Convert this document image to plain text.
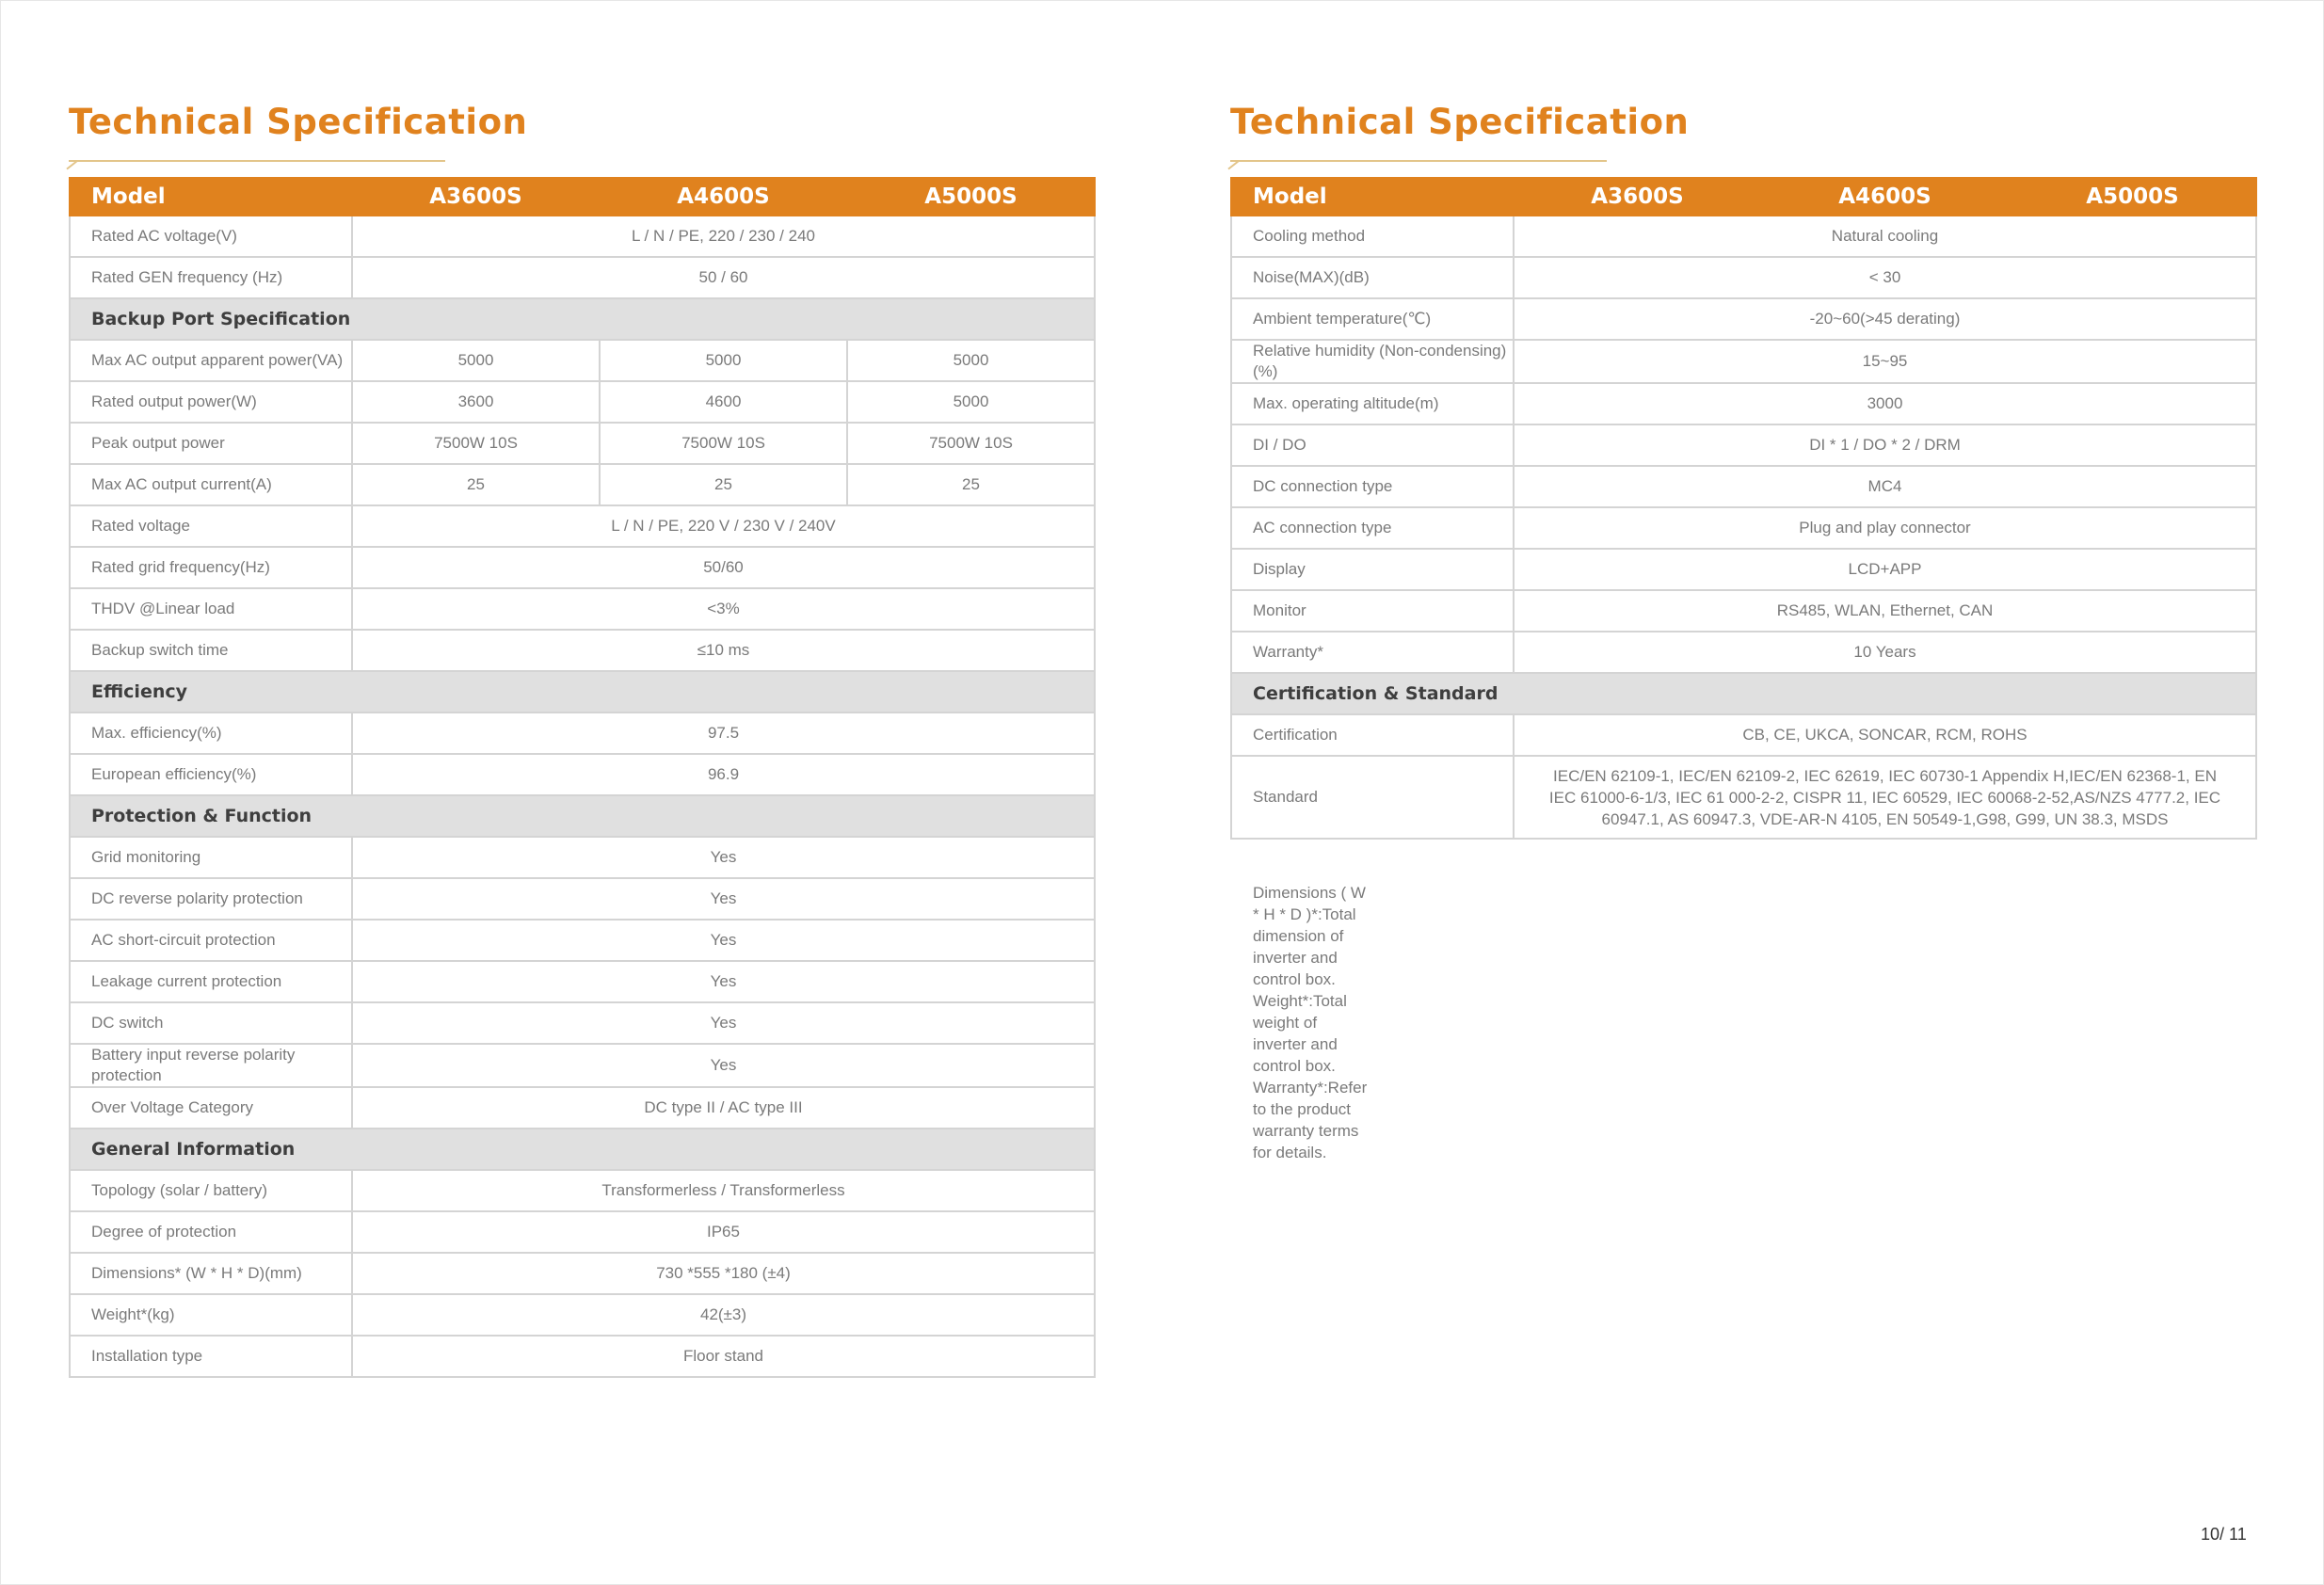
Technical Specification
Model	A3600S	A4600S	A5000S
Rated AC voltage(V)	L / N / PE, 220 / 230 / 240		
Rated GEN frequency (Hz)	50 / 60		
Backup Port Specification			
Max AC output apparent power(VA)	5000	5000	5000
Rated output power(W)	3600	4600	5000
Peak output power	7500W 10S	7500W 10S	7500W 10S
Max AC output current(A)	25	25	25
Rated voltage	L / N / PE, 220 V / 230 V / 240V		
Rated grid frequency(Hz)	50/60		
THDV @Linear load	<3%		
Backup switch time	≤10 ms		
Efficiency			
Max. efficiency(%)	97.5		
European efficiency(%)	96.9		
Protection & Function			
Grid monitoring	Yes		
DC reverse polarity protection	Yes		
AC short-circuit protection	Yes		
Leakage current protection	Yes		
DC switch	Yes		
Battery input reverse polarity protection	Yes		
Over Voltage Category	DC type II / AC type III		
General Information			
Topology (solar / battery)	Transformerless / Transformerless		
Degree of protection	IP65		
Dimensions* (W * H * D)(mm)	730 *555 *180 (±4)		
Weight*(kg)	42(±3)		
Installation type	Floor stand		
Technical Specification
Model	A3600S	A4600S	A5000S
Cooling method	Natural cooling		
Noise(MAX)(dB)	< 30		
Ambient temperature(℃)	-20~60(>45 derating)		
Relative humidity (Non-condensing)(%)	15~95		
Max. operating altitude(m)	3000		
DI / DO	DI * 1 / DO * 2 / DRM		
DC connection type	MC4		
AC connection type	Plug and play connector		
Display	LCD+APP		
Monitor	RS485, WLAN, Ethernet, CAN		
Warranty*	10 Years		
Certification & Standard			
Certification	CB, CE, UKCA, SONCAR, RCM, ROHS		
Standard	IEC/EN 62109-1, IEC/EN 62109-2, IEC 62619, IEC 60730-1 Appendix H,IEC/EN 62368-1, EN IEC 61000-6-1/3, IEC 61 000-2-2, CISPR 11, IEC 60529, IEC 60068-2-52,AS/NZS 4777.2, IEC 60947.1, AS 60947.3, VDE-AR-N 4105, EN 50549-1,G98, G99, UN 38.3, MSDS		
Dimensions ( W * H * D )*:Total dimension of inverter and control box.
Weight*:Total weight of inverter and control box.
Warranty*:Refer to the product warranty terms for details.
10/ 11
